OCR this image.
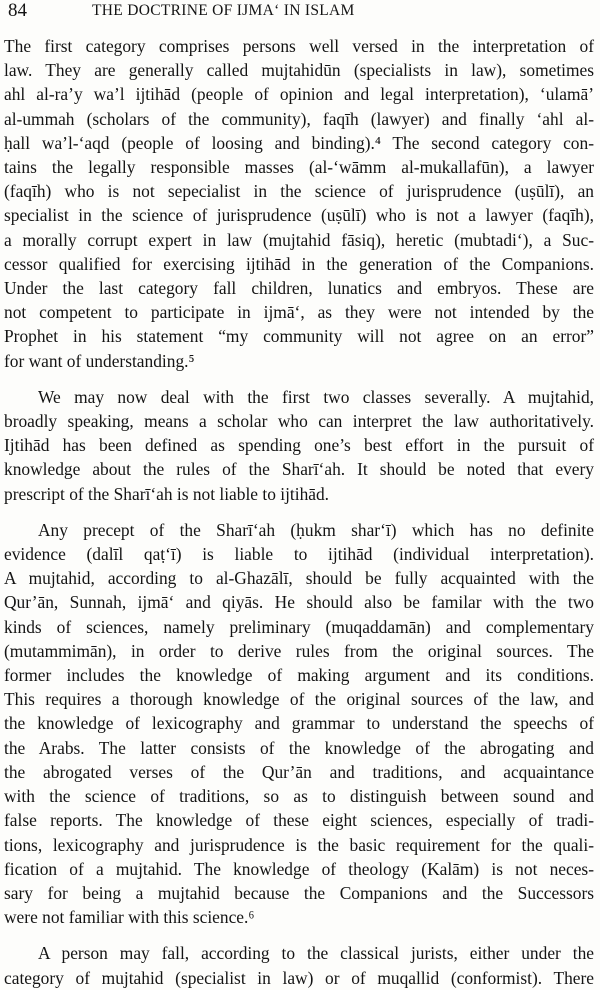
84	THE DOCTRINE OF IJMA‘ IN ISLAM

The first category comprises persons well versed in the interpretation of
law. They are generally called mujtahidūn (specialists in law), sometimes
ahl al-ra’y wa’l ijtihād (people of opinion and legal interpretation), ‘ulamā’
al-ummah (scholars of the community), faqīh (lawyer) and finally ‘ahl al-
ḥall wa’l-‘aqd (people of loosing and binding).⁴ The second category con-
tains the legally responsible masses (al-‘wāmm al-mukallafūn), a lawyer
(faqīh) who is not sepecialist in the science of jurisprudence (uṣūlī), an
specialist in the science of jurisprudence (uṣūlī) who is not a lawyer (faqīh),
a morally corrupt expert in law (mujtahid fāsiq), heretic (mubtadi‘), a Suc-
cessor qualified for exercising ijtihād in the generation of the Companions.
Under the last category fall children, lunatics and embryos. These are
not competent to participate in ijmā‘, as they were not intended by the
Prophet in his statement “my community will not agree on an error”
for want of understanding.⁵

We may now deal with the first two classes severally. A mujtahid,
broadly speaking, means a scholar who can interpret the law authoritatively.
Ijtihād has been defined as spending one’s best effort in the pursuit of
knowledge about the rules of the Sharī‘ah. It should be noted that every
prescript of the Sharī‘ah is not liable to ijtihād.

Any precept of the Sharī‘ah (ḥukm shar‘ī) which has no definite
evidence (dalīl qaṭ‘ī) is liable to ijtihād (individual interpretation).
A mujtahid, according to al-Ghazālī, should be fully acquainted with the
Qur’ān, Sunnah, ijmā‘ and qiyās. He should also be familar with the two
kinds of sciences, namely preliminary (muqaddamān) and complementary
(mutammimān), in order to derive rules from the original sources. The
former includes the knowledge of making argument and its conditions.
This requires a thorough knowledge of the original sources of the law, and
the knowledge of lexicography and grammar to understand the speechs of
the Arabs. The latter consists of the knowledge of the abrogating and
the abrogated verses of the Qur’ān and traditions, and acquaintance
with the science of traditions, so as to distinguish between sound and
false reports. The knowledge of these eight sciences, especially of tradi-
tions, lexicography and jurisprudence is the basic requirement for the quali-
fication of a mujtahid. The knowledge of theology (Kalām) is not neces-
sary for being a mujtahid because the Companions and the Successors
were not familiar with this science.⁶

A person may fall, according to the classical jurists, either under the
category of mujtahid (specialist in law) or of muqallid (conformist). There
